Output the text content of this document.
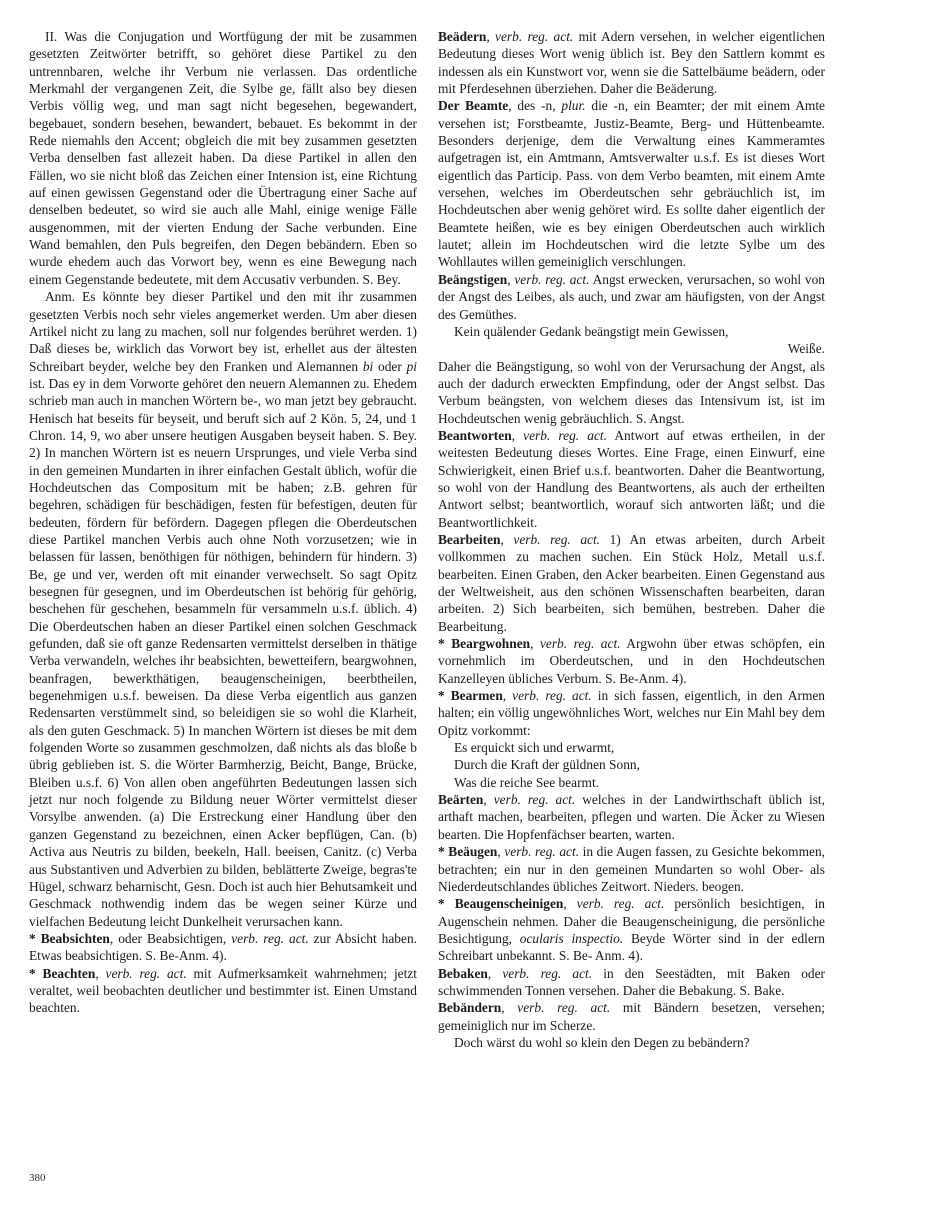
II. Was die Conjugation und Wortfügung der mit be zusammen gesetzten Zeitwörter betrifft, so gehöret diese Partikel zu den untrennbaren, welche ihr Verbum nie verlassen. Das ordentliche Merkmahl der vergangenen Zeit, die Sylbe ge, fällt also bey diesen Verbis völlig weg, und man sagt nicht begesehen, begewandert, begebauet, sondern besehen, bewandert, bebauet. Es bekommt in der Rede niemahls den Accent; obgleich die mit bey zusammen gesetzten Verba denselben fast allezeit haben. Da diese Partikel in allen den Fällen, wo sie nicht bloß das Zeichen einer Intension ist, eine Richtung auf einen gewissen Gegenstand oder die Übertragung einer Sache auf denselben bedeutet, so wird sie auch alle Mahl, einige wenige Fälle ausgenommen, mit der vierten Endung der Sache verbunden. Eine Wand bemahlen, den Puls begreifen, den Degen bebändern. Eben so wurde ehedem auch das Vorwort bey, wenn es eine Bewegung nach einem Gegenstande bedeutete, mit dem Accusativ verbunden. S. Bey.

Anm. Es könnte bey dieser Partikel und den mit ihr zusammen gesetzten Verbis noch sehr vieles angemerket werden. Um aber diesen Artikel nicht zu lang zu machen, soll nur folgendes berühret werden. 1) Daß dieses be, wirklich das Vorwort bey ist, erhellet aus der ältesten Schreibart beyder, welche bey den Franken und Alemannen bi oder pi ist. Das ey in dem Vorworte gehöret den neuern Alemannen zu. Ehedem schrieb man auch in manchen Wörtern be-, wo man jetzt bey gebraucht. Henisch hat beseits für beyseit, und beruft sich auf 2 Kön. 5, 24, und 1 Chron. 14, 9, wo aber unsere heutigen Ausgaben beyseit haben. S. Bey. 2) In manchen Wörtern ist es neuern Ursprunges, und viele Verba sind in den gemeinen Mundarten in ihrer einfachen Gestalt üblich, wofür die Hochdeutschen das Compositum mit be haben; z.B. gehren für begehren, schädigen für beschädigen, festen für befestigen, deuten für bedeuten, fördern für befördern. Dagegen pflegen die Oberdeutschen diese Partikel manchen Verbis auch ohne Noth vorzusetzen; wie in belassen für lassen, benöthigen für nöthigen, behindern für hindern. 3) Be, ge und ver, werden oft mit einander verwechselt. So sagt Opitz besegnen für gesegnen, und im Oberdeutschen ist behörig für gehörig, beschehen für geschehen, besammeln für versammeln u.s.f. üblich. 4) Die Oberdeutschen haben an dieser Partikel einen solchen Geschmack gefunden, daß sie oft ganze Redensarten vermittelst derselben in thätige Verba verwandeln, welches ihr beabsichten, bewetteifern, beargwohnen, beanfragen, bewerkthätigen, beaugenscheinigen, beerbtheilen, begenehmigen u.s.f. beweisen. Da diese Verba eigentlich aus ganzen Redensarten verstümmelt sind, so beleidigen sie so wohl die Klarheit, als den guten Geschmack. 5) In manchen Wörtern ist dieses be mit dem folgenden Worte so zusammen geschmolzen, daß nichts als das bloße b übrig geblieben ist. S. die Wörter Barmherzig, Beicht, Bange, Brücke, Bleiben u.s.f. 6) Von allen oben angeführten Bedeutungen lassen sich jetzt nur noch folgende zu Bildung neuer Wörter vermittelst dieser Vorsylbe anwenden. (a) Die Erstreckung einer Handlung über den ganzen Gegenstand zu bezeichnen, einen Acker bepflügen, Can. (b) Activa aus Neutris zu bilden, beekeln, Hall. beeisen, Canitz. (c) Verba aus Substantiven und Adverbien zu bilden, beblätterte Zweige, begras'te Hügel, schwarz beharnischt, Gesn. Doch ist auch hier Behutsamkeit und Geschmack nothwendig indem das be wegen seiner Kürze und vielfachen Bedeutung leicht Dunkelheit verursachen kann.

* Beabsichten, oder Beabsichtigen, verb. reg. act. zur Absicht haben. Etwas beabsichtigen. S. Be-Anm. 4).

* Beachten, verb. reg. act. mit Aufmerksamkeit wahrnehmen; jetzt veraltet, weil beobachten deutlicher und bestimmter ist. Einen Umstand beachten.

Beädern, verb. reg. act. mit Adern versehen, in welcher eigentlichen Bedeutung dieses Wort wenig üblich ist. Bey den Sattlern kommt es indessen als ein Kunstwort vor, wenn sie die Sattelbäume beädern, oder mit Pferdesehnen überziehen. Daher die Beäderung.

Der Beamte, des -n, plur. die -n, ein Beamter; der mit einem Amte versehen ist; Forstbeamte, Justiz-Beamte, Berg- und Hüttenbeamte. Besonders derjenige, dem die Verwaltung eines Kammeramtes aufgetragen ist, ein Amtmann, Amtsverwalter u.s.f. Es ist dieses Wort eigentlich das Particip. Pass. von dem Verbo beamten, mit einem Amte versehen, welches im Oberdeutschen sehr gebräuchlich ist, im Hochdeutschen aber wenig gehöret wird. Es sollte daher eigentlich der Beamtete heißen, wie es bey einigen Oberdeutschen auch wirklich lautet; allein im Hochdeutschen wird die letzte Sylbe um des Wohllautes willen gemeiniglich verschlungen.

Beängstigen, verb. reg. act. Angst erwecken, verursachen, so wohl von der Angst des Leibes, als auch, und zwar am häufigsten, von der Angst des Gemüthes.

Kein quälender Gedank beängstigt mein Gewissen,

Weiße.

Daher die Beängstigung, so wohl von der Verursachung der Angst, als auch der dadurch erweckten Empfindung, oder der Angst selbst. Das Verbum beängsten, von welchem dieses das Intensivum ist, ist im Hochdeutschen wenig gebräuchlich. S. Angst.

Beantworten, verb. reg. act. Antwort auf etwas ertheilen, in der weitesten Bedeutung dieses Wortes. Eine Frage, einen Einwurf, eine Schwierigkeit, einen Brief u.s.f. beantworten. Daher die Beantwortung, so wohl von der Handlung des Beantwortens, als auch der ertheilten Antwort selbst; beantwortlich, worauf sich antworten läßt; und die Beantwortlichkeit.

Bearbeiten, verb. reg. act. 1) An etwas arbeiten, durch Arbeit vollkommen zu machen suchen. Ein Stück Holz, Metall u.s.f. bearbeiten. Einen Graben, den Acker bearbeiten. Einen Gegenstand aus der Weltweisheit, aus den schönen Wissenschaften bearbeiten, daran arbeiten. 2) Sich bearbeiten, sich bemühen, bestreben. Daher die Bearbeitung.

* Beargwohnen, verb. reg. act. Argwohn über etwas schöpfen, ein vornehmlich im Oberdeutschen, und in den Hochdeutschen Kanzelleyen übliches Verbum. S. Be-Anm. 4).

* Bearmen, verb. reg. act. in sich fassen, eigentlich, in den Armen halten; ein völlig ungewöhnliches Wort, welches nur Ein Mahl bey dem Opitz vorkommt:

Es erquickt sich und erwarmt,

Durch die Kraft der güldnen Sonn,

Was die reiche See bearmt.

Beärten, verb. reg. act. welches in der Landwirthschaft üblich ist, arthaft machen, bearbeiten, pflegen und warten. Die Äcker zu Wiesen bearten. Die Hopfenfächser bearten, warten.

* Beäugen, verb. reg. act. in die Augen fassen, zu Gesichte bekommen, betrachten; ein nur in den gemeinen Mundarten so wohl Ober- als Niederdeutschlandes übliches Zeitwort. Nieders. beogen.

* Beaugenscheinigen, verb. reg. act. persönlich besichtigen, in Augenschein nehmen. Daher die Beaugenscheinigung, die persönliche Besichtigung, ocularis inspectio. Beyde Wörter sind in der edlern Schreibart unbekannt. S. Be- Anm. 4).

Bebaken, verb. reg. act. in den Seestädten, mit Baken oder schwimmenden Tonnen versehen. Daher die Bebakung. S. Bake.

Bebändern, verb. reg. act. mit Bändern besetzen, versehen; gemeiniglich nur im Scherze.

Doch wärst du wohl so klein den Degen zu bebändern?

380
